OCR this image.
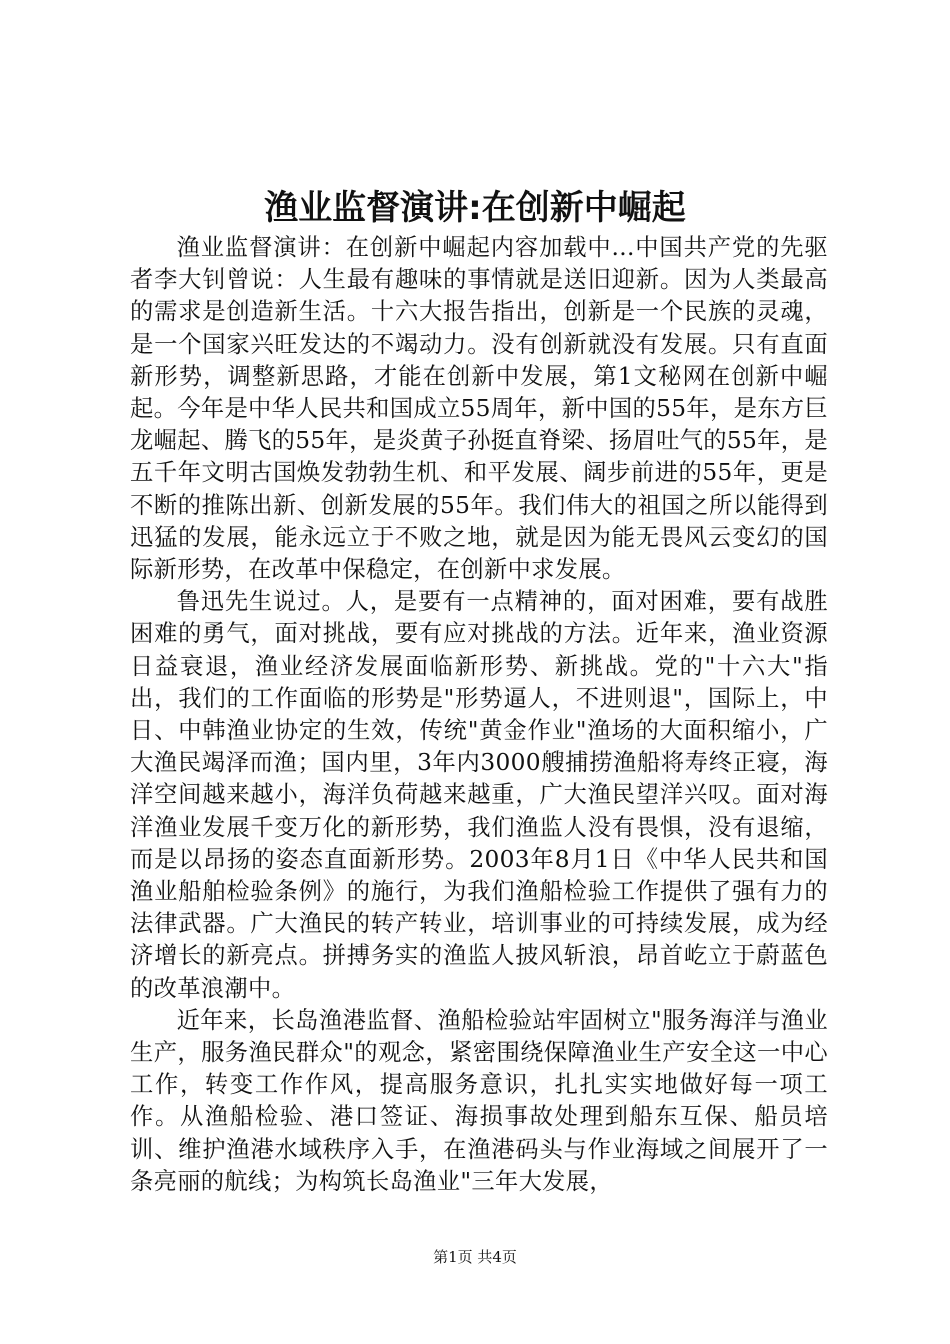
渔业监督演讲:在创新中崛起

渔业监督演讲：在创新中崛起内容加载中...中国共产党的先驱者李大钊曾说：人生最有趣味的事情就是送旧迎新。因为人类最高的需求是创造新生活。十六大报告指出，创新是一个民族的灵魂，是一个国家兴旺发达的不竭动力。没有创新就没有发展。只有直面新形势，调整新思路，才能在创新中发展，第1文秘网在创新中崛起。今年是中华人民共和国成立55周年，新中国的55年，是东方巨龙崛起、腾飞的55年，是炎黄子孙挺直脊梁、扬眉吐气的55年，是五千年文明古国焕发勃勃生机、和平发展、阔步前进的55年，更是不断的推陈出新、创新发展的55年。我们伟大的祖国之所以能得到迅猛的发展，能永远立于不败之地，就是因为能无畏风云变幻的国际新形势，在改革中保稳定，在创新中求发展。

鲁迅先生说过。人，是要有一点精神的，面对困难，要有战胜困难的勇气，面对挑战，要有应对挑战的方法。近年来，渔业资源日益衰退，渔业经济发展面临新形势、新挑战。党的"十六大"指出，我们的工作面临的形势是"形势逼人，不进则退"，国际上，中日、中韩渔业协定的生效，传统"黄金作业"渔场的大面积缩小，广大渔民竭泽而渔；国内里，3年内3000艘捕捞渔船将寿终正寝，海洋空间越来越小，海洋负荷越来越重，广大渔民望洋兴叹。面对海洋渔业发展千变万化的新形势，我们渔监人没有畏惧，没有退缩，而是以昂扬的姿态直面新形势。2003年8月1日《中华人民共和国渔业船舶检验条例》的施行，为我们渔船检验工作提供了强有力的法律武器。广大渔民的转产转业，培训事业的可持续发展，成为经济增长的新亮点。拼搏务实的渔监人披风斩浪，昂首屹立于蔚蓝色的改革浪潮中。

近年来，长岛渔港监督、渔船检验站牢固树立"服务海洋与渔业生产，服务渔民群众"的观念，紧密围绕保障渔业生产安全这一中心工作，转变工作作风，提高服务意识，扎扎实实地做好每一项工作。从渔船检验、港口签证、海损事故处理到船东互保、船员培训、维护渔港水域秩序入手，在渔港码头与作业海域之间展开了一条亮丽的航线；为构筑长岛渔业"三年大发展，

第1页 共4页
